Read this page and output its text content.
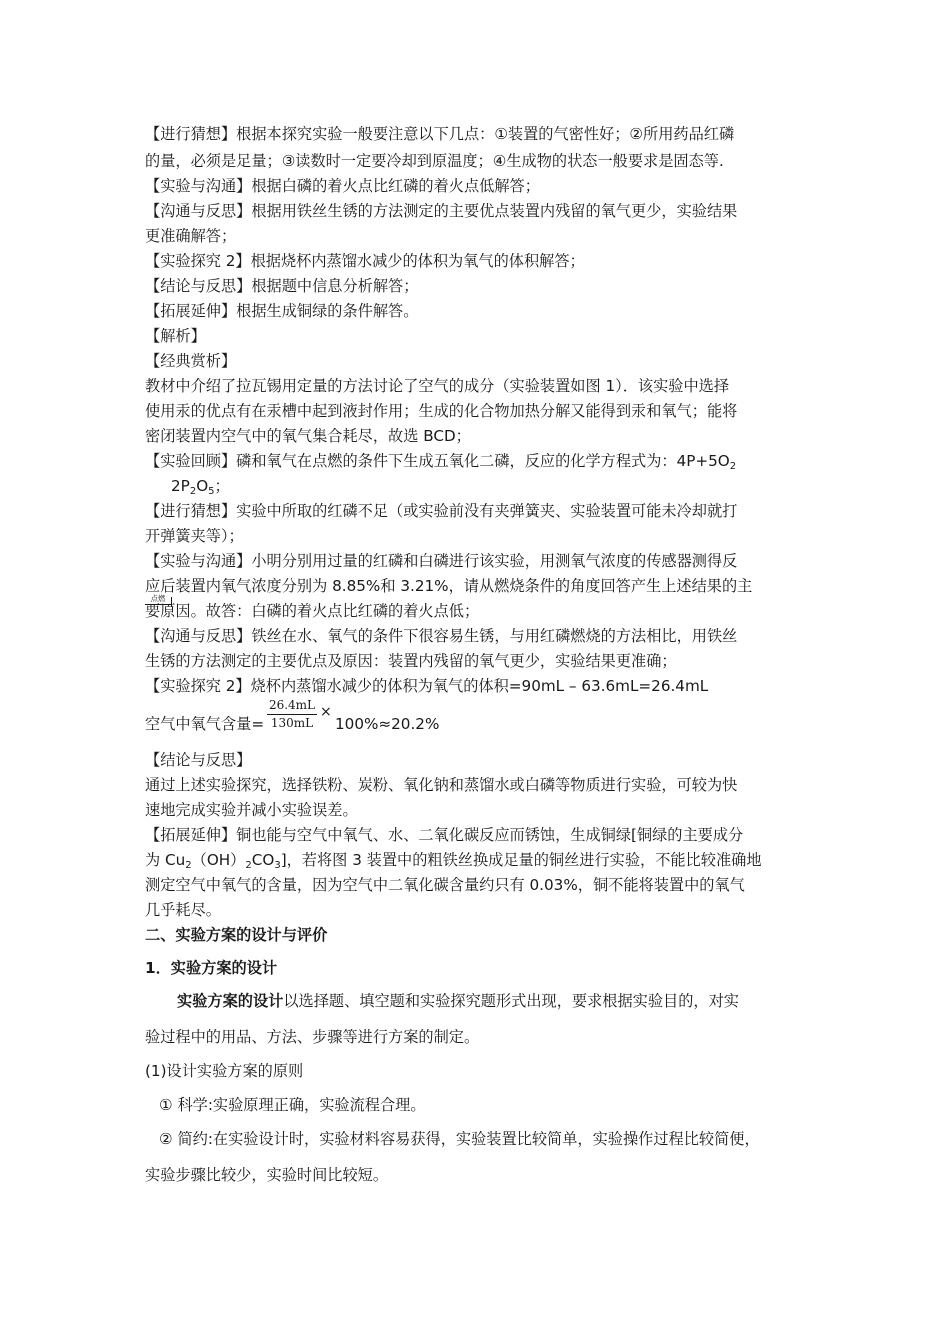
【进行猜想】根据本探究实验一般要注意以下几点：①装置的气密性好；②所用药品红磷
的量，必须是足量；③读数时一定要冷却到原温度；④生成物的状态一般要求是固态等.
【实验与沟通】根据白磷的着火点比红磷的着火点低解答；
【沟通与反思】根据用铁丝生锈的方法测定的主要优点装置内残留的氧气更少，实验结果
更准确解答；
【实验探究 2】根据烧杯内蒸馏水减少的体积为氧气的体积解答；
【结论与反思】根据题中信息分析解答；
【拓展延伸】根据生成铜绿的条件解答。
【解析】
【经典赏析】
教材中介绍了拉瓦锡用定量的方法讨论了空气的成分（实验装置如图 1）．该实验中选择
使用汞的优点有在汞槽中起到液封作用；生成的化合物加热分解又能得到汞和氧气；能将
密闭装置内空气中的氧气集合耗尽，故选 BCD；
【实验回顾】磷和氧气在点燃的条件下生成五氧化二磷，反应的化学方程式为：$4P+5O_2$
点燃
$2P_2O_5$；
【进行猜想】实验中所取的红磷不足（或实验前没有夹弹簧夹、实验装置可能未冷却就打
开弹簧夹等）；
【实验与沟通】小明分别用过量的红磷和白磷进行该实验，用测氧气浓度的传感器测得反
应后装置内氧气浓度分别为 8.85%和 3.21%，请从燃烧条件的角度回答产生上述结果的主
要原因。故答：白磷的着火点比红磷的着火点低；
【沟通与反思】铁丝在水、氧气的条件下很容易生锈，与用红磷燃烧的方法相比，用铁丝
生锈的方法测定的主要优点及原因：装置内残留的氧气更少，实验结果更准确；
【实验探究 2】烧杯内蒸馏水减少的体积为氧气的体积=90mL – 63.6mL=26.4mL
空气中氧气含量=
26.4mL
130mL
×
100%≈20.2%
【结论与反思】
通过上述实验探究，选择铁粉、炭粉、氧化钠和蒸馏水或白磷等物质进行实验，可较为快
速地完成实验并减小实验误差。
【拓展延伸】铜也能与空气中氧气、水、二氧化碳反应而锈蚀，生成铜绿[铜绿的主要成分
为 $Cu_2(OH)_2CO_3$]，若将图 3 装置中的粗铁丝换成足量的铜丝进行实验，不能比较准确地
测定空气中氧气的含量，因为空气中二氧化碳含量约只有 0.03%，铜不能将装置中的氧气
几乎耗尽。
二、实验方案的设计与评价
1．实验方案的设计
实验方案的设计以选择题、填空题和实验探究题形式出现，要求根据实验目的，对实
验过程中的用品、方法、步骤等进行方案的制定。
(1)设计实验方案的原则
① 科学:实验原理正确，实验流程合理。
② 简约:在实验设计时，实验材料容易获得，实验装置比较简单，实验操作过程比较简便，
实验步骤比较少，实验时间比较短。
